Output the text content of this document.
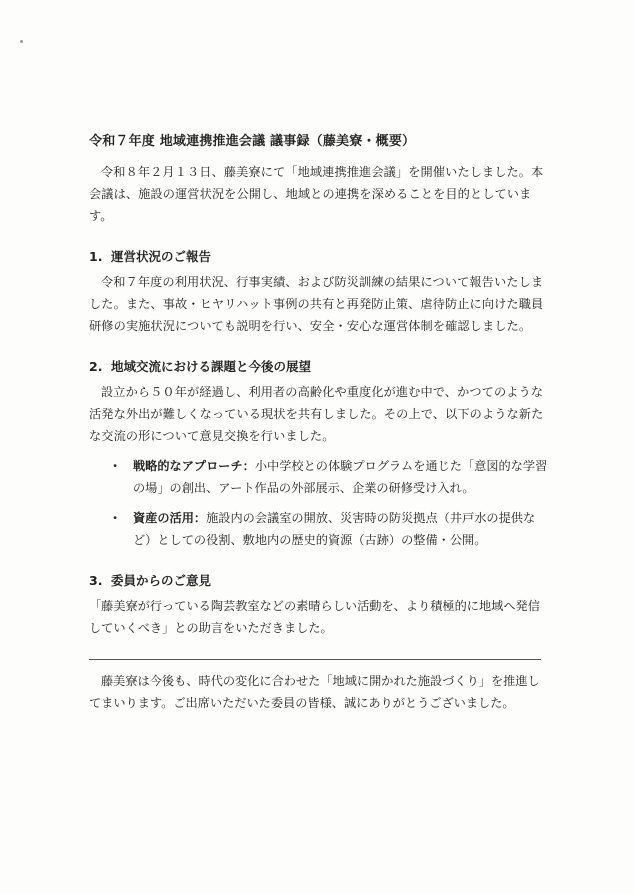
令和７年度 地域連携推進会議 議事録（藤美寮・概要）

令和８年２月１３日、藤美寮にて「地域連携推進会議」を開催いたしました。本会議は、施設の運営状況を公開し、地域との連携を深めることを目的としています。

1. 運営状況のご報告

令和７年度の利用状況、行事実績、および防災訓練の結果について報告いたしました。また、事故・ヒヤリハット事例の共有と再発防止策、虐待防止に向けた職員研修の実施状況についても説明を行い、安全・安心な運営体制を確認しました。

2. 地域交流における課題と今後の展望

設立から５０年が経過し、利用者の高齢化や重度化が進む中で、かつてのような活発な外出が難しくなっている現状を共有しました。その上で、以下のような新たな交流の形について意見交換を行いました。

・ 戦略的なアプローチ：小中学校との体験プログラムを通じた「意図的な学習の場」の創出、アート作品の外部展示、企業の研修受け入れ。
・ 資産の活用：施設内の会議室の開放、災害時の防災拠点（井戸水の提供など）としての役割、敷地内の歴史的資源（古跡）の整備・公開。
3. 委員からのご意見

「藤美寮が行っている陶芸教室などの素晴らしい活動を、より積極的に地域へ発信していくべき」との助言をいただきました。

藤美寮は今後も、時代の変化に合わせた「地域に開かれた施設づくり」を推進してまいります。ご出席いただいた委員の皆様、誠にありがとうございました。
